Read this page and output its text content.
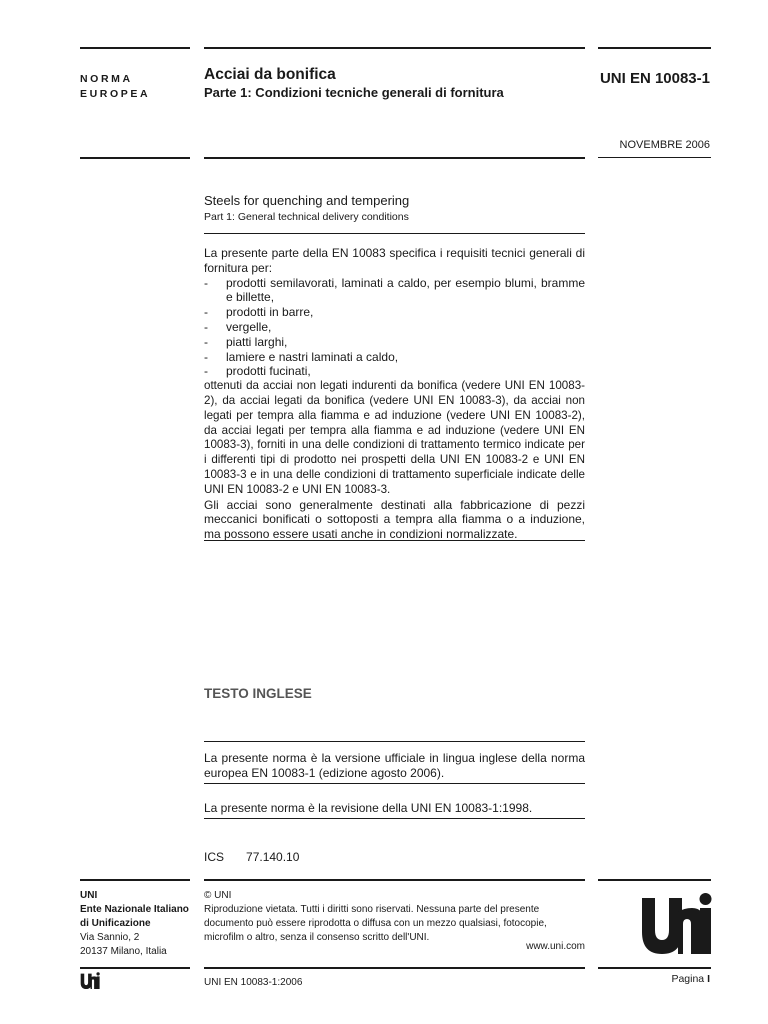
NORMA
EUROPEA
Acciai da bonifica
Parte 1: Condizioni tecniche generali di fornitura
UNI EN 10083-1
NOVEMBRE 2006
Steels for quenching and tempering
Part 1: General technical delivery conditions

La presente parte della EN 10083 specifica i requisiti tecnici generali di fornitura per:

- prodotti semilavorati, laminati a caldo, per esempio blumi, bramme e billette,
- prodotti in barre,
- vergelle,
- piatti larghi,
- lamiere e nastri laminati a caldo,
- prodotti fucinati,

ottenuti da acciai non legati indurenti da bonifica (vedere UNI EN 10083-2), da acciai legati da bonifica (vedere UNI EN 10083-3), da acciai non legati per tempra alla fiamma e ad induzione (vedere UNI EN 10083-2), da acciai legati per tempra alla fiamma e ad induzione (vedere UNI EN 10083-3), forniti in una delle condizioni di trattamento termico indicate per i differenti tipi di prodotto nei prospetti della UNI EN 10083-2 e UNI EN 10083-3 e in una delle condizioni di trattamento superficiale indicate delle UNI EN 10083-2 e UNI EN 10083-3.

Gli acciai sono generalmente destinati alla fabbricazione di pezzi meccanici bonificati o sottoposti a tempra alla fiamma o a induzione, ma possono essere usati anche in condizioni normalizzate.

TESTO INGLESE
La presente norma è la versione ufficiale in lingua inglese della norma europea EN 10083-1 (edizione agosto 2006).
La presente norma è la revisione della UNI EN 10083-1:1998.
ICS 77.140.10
UNI
Ente Nazionale Italiano
di Unificazione
Via Sannio, 2
20137 Milano, Italia
© UNI
Riproduzione vietata. Tutti i diritti sono riservati. Nessuna parte del presente documento può essere riprodotta o diffusa con un mezzo qualsiasi, fotocopie, microfilm o altro, senza il consenso scritto dell'UNI.
www.uni.com
UNI EN 10083-1:2006	Pagina I
